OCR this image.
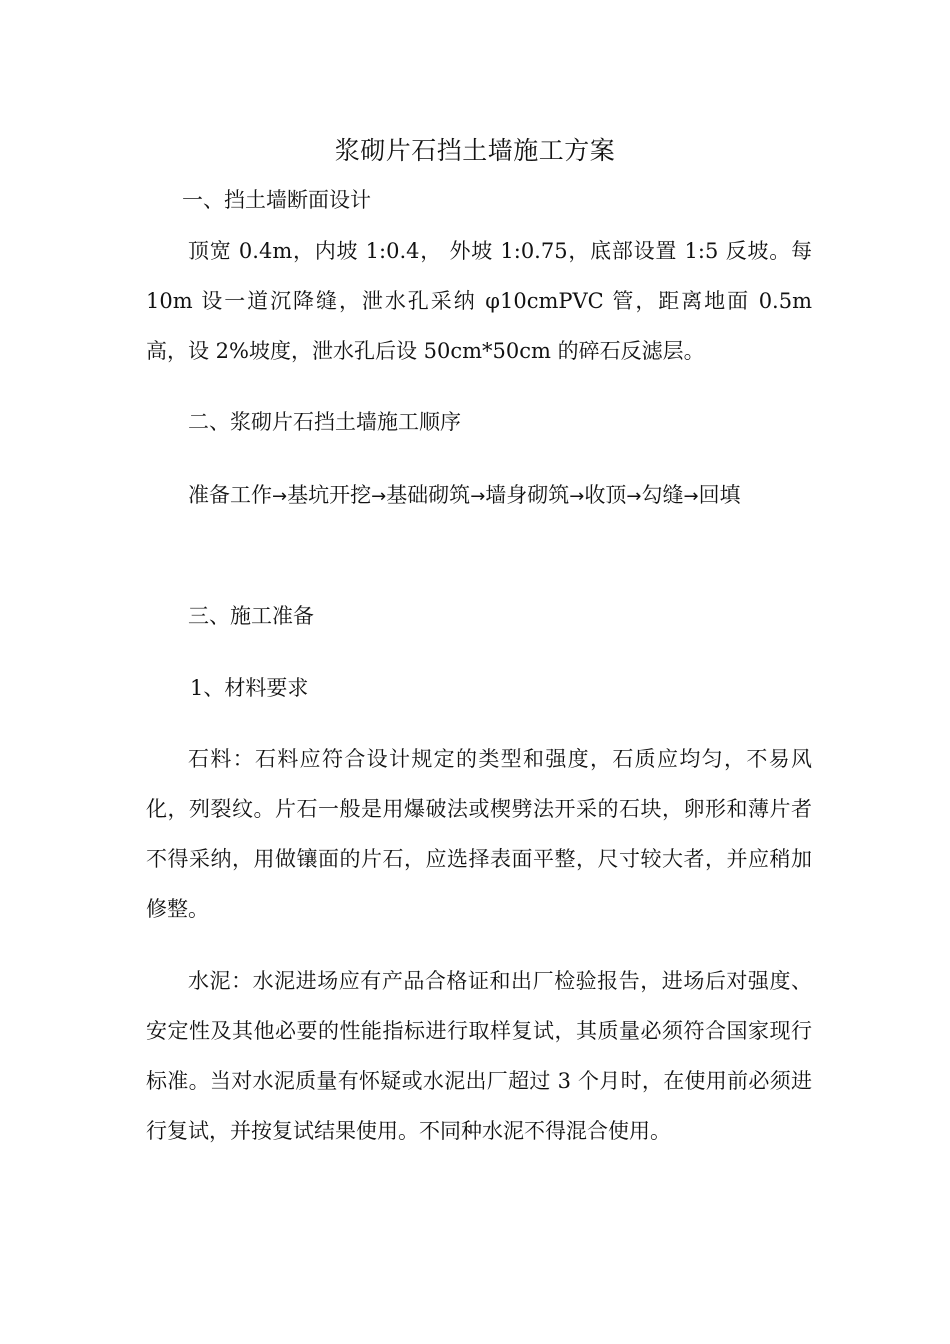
浆砌片石挡土墙施工方案
一、挡土墙断面设计
顶宽 0.4m，内坡 1:0.4， 外坡 1:0.75，底部设置 1:5 反坡。每 10m 设一道沉降缝，泄水孔采纳 φ10cmPVC 管，距离地面 0.5m 高，设 2%坡度，泄水孔后设 50cm*50cm 的碎石反滤层。
二、浆砌片石挡土墙施工顺序
准备工作→基坑开挖→基础砌筑→墙身砌筑→收顶→勾缝→回填
三、施工准备
1、材料要求
石料：石料应符合设计规定的类型和强度，石质应均匀，不易风化，列裂纹。片石一般是用爆破法或楔劈法开采的石块，卵形和薄片者不得采纳，用做镶面的片石，应选择表面平整，尺寸较大者，并应稍加修整。
水泥：水泥进场应有产品合格证和出厂检验报告，进场后对强度、安定性及其他必要的性能指标进行取样复试，其质量必须符合国家现行标准。当对水泥质量有怀疑或水泥出厂超过 3 个月时，在使用前必须进行复试，并按复试结果使用。不同种水泥不得混合使用。
